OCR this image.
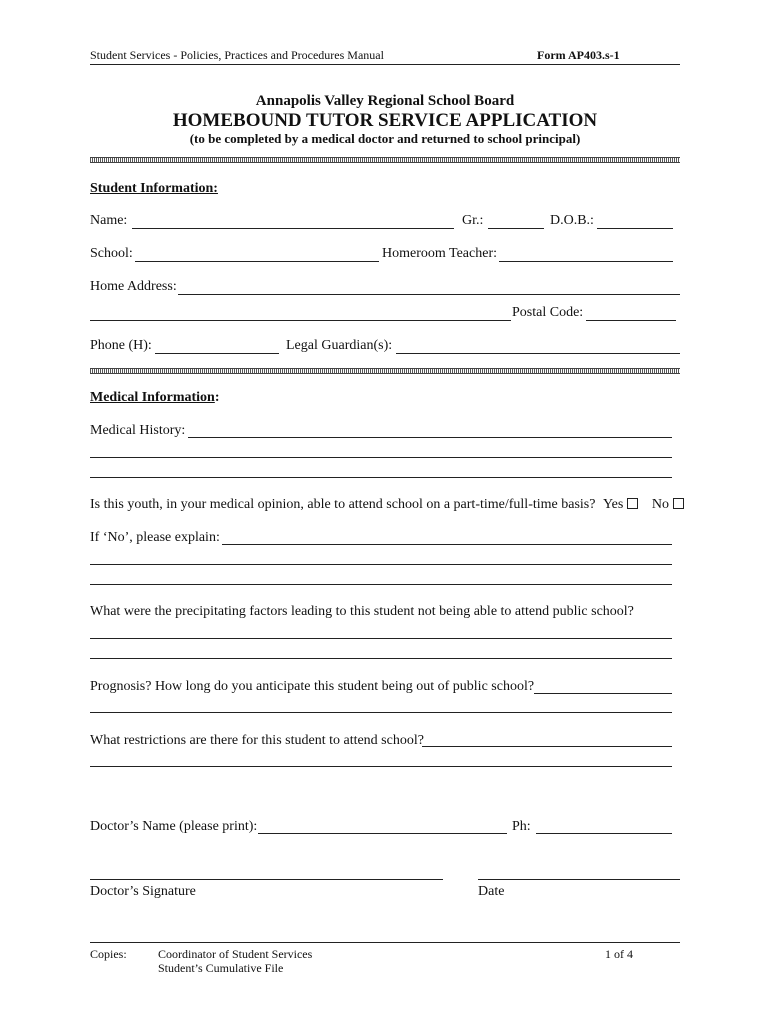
Student Services - Policies, Practices and Procedures Manual	Form AP403.s-1
Annapolis Valley Regional School Board
HOMEBOUND TUTOR SERVICE APPLICATION
(to be completed by a medical doctor and returned to school principal)
Student Information:
Name:	Gr.:	D.O.B.:
School:	Homeroom Teacher:
Home Address:
Postal Code:
Phone (H):	Legal Guardian(s):
Medical Information:
Medical History:
Is this youth, in your medical opinion, able to attend school on a part-time/full-time basis? Yes No
If ‘No’, please explain:
What were the precipitating factors leading to this student not being able to attend public school?
Prognosis? How long do you anticipate this student being out of public school?
What restrictions are there for this student to attend school?
Doctor’s Name (please print):	Ph:
Doctor’s Signature	Date
Copies:	Coordinator of Student Services
Student’s Cumulative File
1 of 4
